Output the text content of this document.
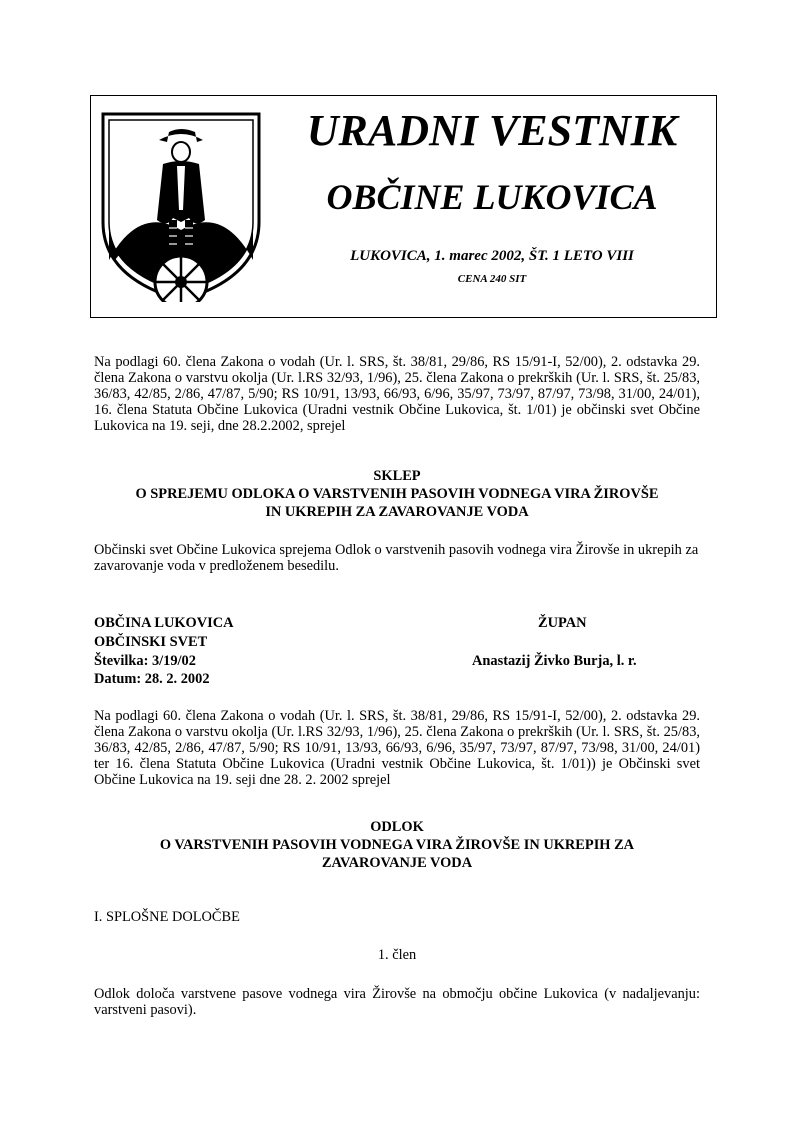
URADNI VESTNIK
OBČINE LUKOVICA
LUKOVICA, 1. marec 2002, ŠT. 1 LETO VIII
CENA 240 SIT
Na podlagi 60. člena Zakona o vodah (Ur. l. SRS, št. 38/81, 29/86, RS 15/91-I, 52/00), 2. odstavka 29. člena Zakona o varstvu okolja (Ur. l.RS 32/93, 1/96), 25. člena Zakona o prekrških (Ur. l. SRS, št. 25/83, 36/83, 42/85, 2/86, 47/87, 5/90; RS 10/91, 13/93, 66/93, 6/96, 35/97, 73/97, 87/97, 73/98, 31/00, 24/01), 16. člena Statuta Občine Lukovica (Uradni vestnik Občine Lukovica, št. 1/01) je občinski svet Občine Lukovica na 19. seji, dne 28.2.2002, sprejel
SKLEP
O SPREJEMU ODLOKA O VARSTVENIH PASOVIH VODNEGA VIRA ŽIROVŠE
IN UKREPIH ZA ZAVAROVANJE VODA
Občinski svet Občine Lukovica sprejema Odlok o varstvenih pasovih vodnega vira Žirovše in ukrepih za zavarovanje voda v predloženem besedilu.
OBČINA LUKOVICA
OBČINSKI SVET
Številka: 3/19/02
Datum: 28. 2. 2002
ŽUPAN
Anastazij Živko Burja, l. r.
Na podlagi 60. člena Zakona o vodah (Ur. l. SRS, št. 38/81, 29/86, RS 15/91-I, 52/00), 2. odstavka 29. člena Zakona o varstvu okolja (Ur. l.RS 32/93, 1/96), 25. člena Zakona o prekrških (Ur. l. SRS, št. 25/83, 36/83, 42/85, 2/86, 47/87, 5/90; RS 10/91, 13/93, 66/93, 6/96, 35/97, 73/97, 87/97, 73/98, 31/00, 24/01) ter 16. člena Statuta Občine Lukovica (Uradni vestnik Občine Lukovica, št. 1/01)) je Občinski svet Občine Lukovica na 19. seji dne 28. 2. 2002 sprejel
ODLOK
O VARSTVENIH PASOVIH VODNEGA VIRA ŽIROVŠE IN UKREPIH ZA
ZAVAROVANJE VODA
I. SPLOŠNE DOLOČBE
1. člen
Odlok določa varstvene pasove vodnega vira Žirovše na območju občine Lukovica (v nadaljevanju: varstveni pasovi).
